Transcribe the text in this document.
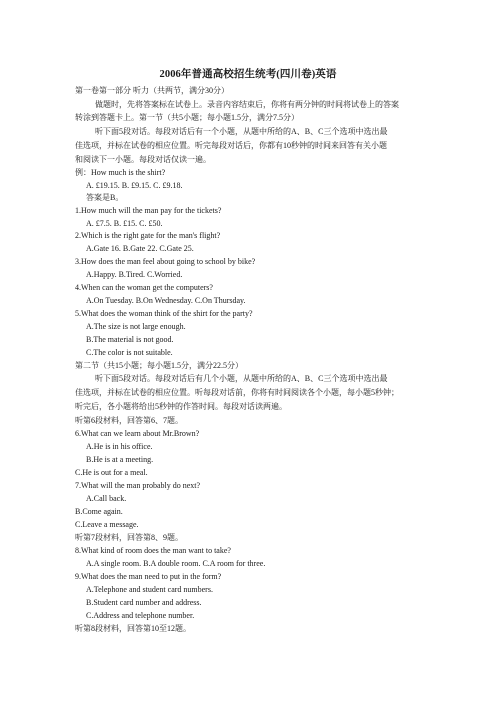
2006年普通高校招生统考(四川卷)英语
第一卷第一部分 听力（共两节，满分30分）
做题时，先将答案标在试卷上。录音内容结束后，你将有两分钟的时间将试卷上的答案
转涂到答题卡上。第一节（共5小题；每小题1.5分，满分7.5分）
听下面5段对话。每段对话后有一个小题，从题中所给的A、B、C三个选项中选出最
佳选项，并标在试卷的相应位置。听完每段对话后，你都有10秒钟的时间来回答有关小题
和阅读下一小题。每段对话仅读一遍。
例：How much is the shirt?
A. £19.15. B. £9.15. C. £9.18.
答案是B。
1.How much will the man pay for the tickets?
A. £7.5. B. £15. C. £50.
2.Which is the right gate for the man's flight?
A.Gate 16. B.Gate 22. C.Gate 25.
3.How does the man feel about going to school by bike?
A.Happy. B.Tired. C.Worried.
4.When can the woman get the computers?
A.On Tuesday. B.On Wednesday. C.On Thursday.
5.What does the woman think of the shirt for the party?
A.The size is not large enough.
B.The material is not good.
C.The color is not suitable.
第二节（共15小题；每小题1.5分，满分22.5分）
听下面5段对话。每段对话后有几个小题，从题中所给的A、B、C三个选项中选出最
佳选项，并标在试卷的相应位置。听每段对话前，你将有时间阅读各个小题，每小题5秒钟；
听完后，各小题将给出5秒钟的作答时间。每段对话读两遍。
听第6段材料，回答第6、7题。
6.What can we learn about Mr.Brown?
A.He is in his office.
B.He is at a meeting.
C.He is out for a meal.
7.What will the man probably do next?
A.Call back.
B.Come again.
C.Leave a message.
听第7段材料，回答第8、9题。
8.What kind of room does the man want to take?
A.A single room. B.A double room. C.A room for three.
9.What does the man need to put in the form?
A.Telephone and student card numbers.
B.Student card number and address.
C.Address and telephone number.
听第8段材料，回答第10至12题。
